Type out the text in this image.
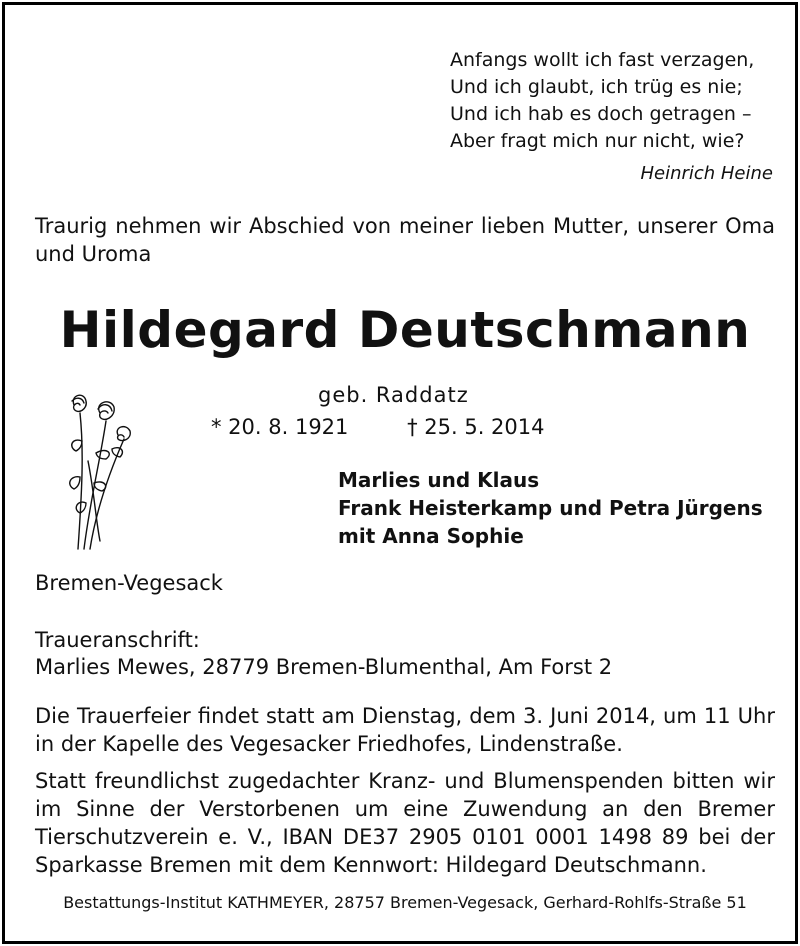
Anfangs wollt ich fast verzagen,
Und ich glaubt, ich trüg es nie;
Und ich hab es doch getragen –
Aber fragt mich nur nicht, wie?
Heinrich Heine
Traurig nehmen wir Abschied von meiner lieben Mutter, unserer Oma und Uroma
Hildegard Deutschmann
geb. Raddatz
* 20. 8. 1921	† 25. 5. 2014
Marlies und Klaus
Frank Heisterkamp und Petra Jürgens
mit Anna Sophie
Bremen-Vegesack
Traueranschrift:
Marlies Mewes, 28779 Bremen-Blumenthal, Am Forst 2
Die Trauerfeier findet statt am Dienstag, dem 3. Juni 2014, um 11 Uhr in der Kapelle des Vegesacker Friedhofes, Lindenstraße.
Statt freundlichst zugedachter Kranz- und Blumenspenden bitten wir im Sinne der Verstorbenen um eine Zuwendung an den Bremer Tierschutzverein e. V., IBAN DE37 2905 0101 0001 1498 89 bei der Sparkasse Bremen mit dem Kennwort: Hildegard Deutschmann.
Bestattungs-Institut KATHMEYER, 28757 Bremen-Vegesack, Gerhard-Rohlfs-Straße 51
